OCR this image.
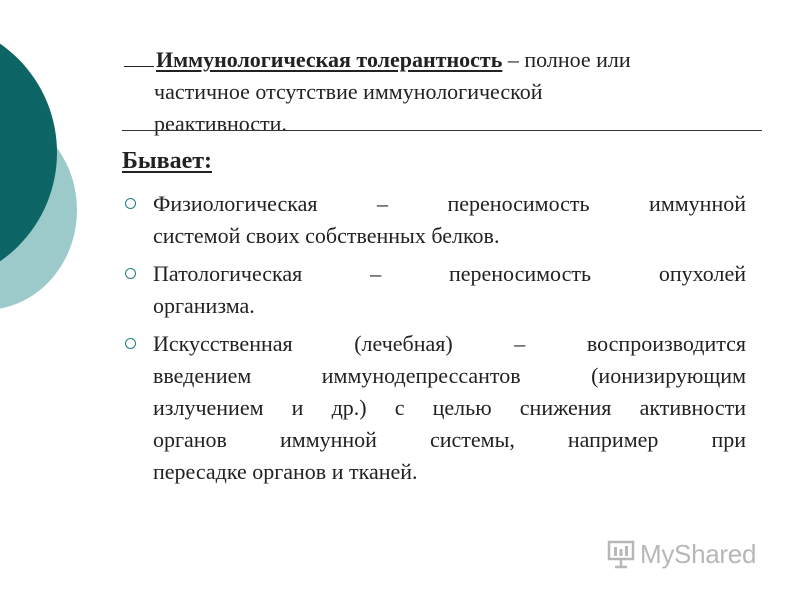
Иммунологическая толерантность – полное или
частичное отсутствие иммунологической
реактивности.
Бывает:
Физиологическая – переносимость иммунной
системой своих собственных белков.
Патологическая – переносимость опухолей
организма.
Искусственная (лечебная) – воспроизводится
введением иммунодепрессантов (ионизирующим
излучением и др.) с целью снижения активности
органов иммунной системы, например при
пересадке органов и тканей.
MyShared
